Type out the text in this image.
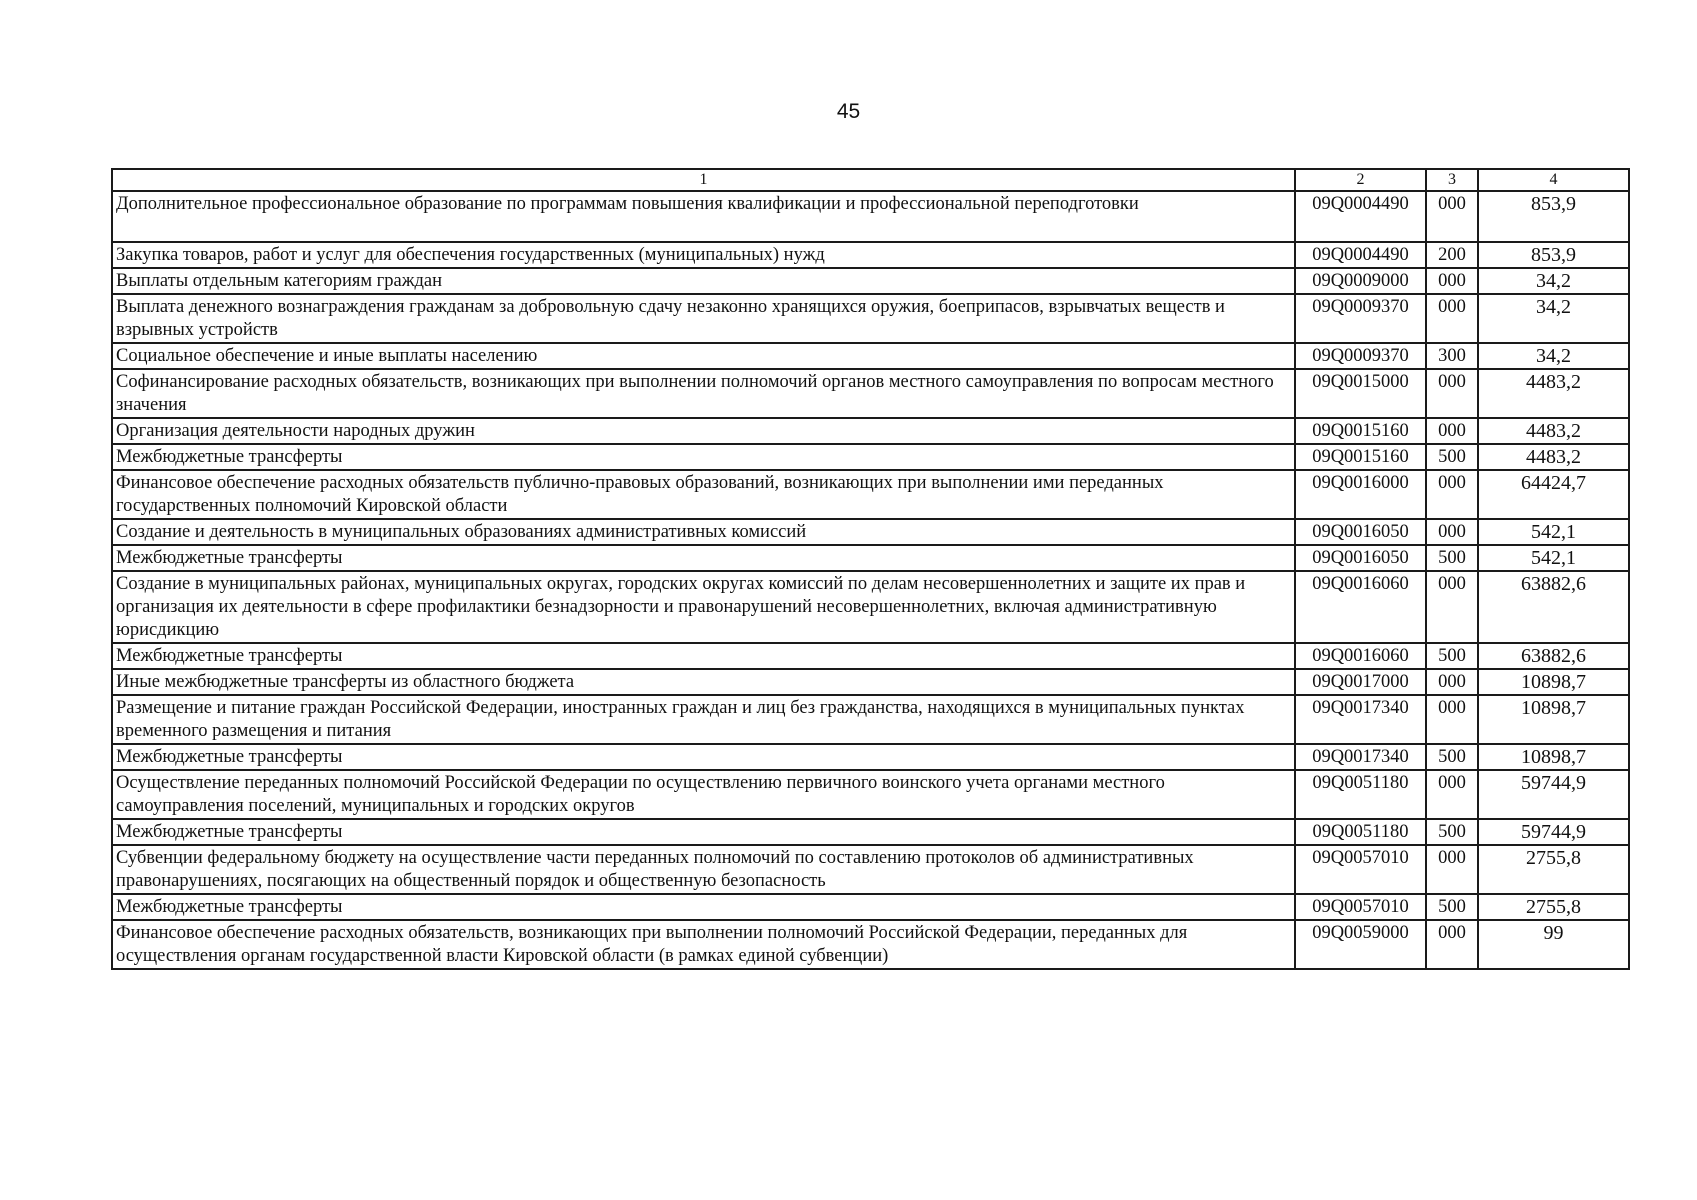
45
1	2	3	4
Дополнительное профессиональное образование по программам повышения квалификации и профессиональной переподготовки	09Q0004490	000	853,9
Закупка товаров, работ и услуг для обеспечения государственных (муниципальных) нужд	09Q0004490	200	853,9
Выплаты отдельным категориям граждан	09Q0009000	000	34,2
Выплата денежного вознаграждения гражданам за добровольную сдачу незаконно хранящихся оружия, боеприпасов, взрывчатых веществ и взрывных устройств	09Q0009370	000	34,2
Социальное обеспечение и иные выплаты населению	09Q0009370	300	34,2
Софинансирование расходных обязательств, возникающих при выполнении полномочий органов местного самоуправления по вопросам местного значения	09Q0015000	000	4483,2
Организация деятельности народных дружин	09Q0015160	000	4483,2
Межбюджетные трансферты	09Q0015160	500	4483,2
Финансовое обеспечение расходных обязательств публично-правовых образований, возникающих при выполнении ими переданных государственных полномочий Кировской области	09Q0016000	000	64424,7
Создание и деятельность в муниципальных образованиях административных комиссий	09Q0016050	000	542,1
Межбюджетные трансферты	09Q0016050	500	542,1
Создание в муниципальных районах, муниципальных округах, городских округах комиссий по делам несовершеннолетних и защите их прав и организация их деятельности в сфере профилактики безнадзорности и правонарушений несовершеннолетних, включая административную юрисдикцию	09Q0016060	000	63882,6
Межбюджетные трансферты	09Q0016060	500	63882,6
Иные межбюджетные трансферты из областного бюджета	09Q0017000	000	10898,7
Размещение и питание граждан Российской Федерации, иностранных граждан и лиц без гражданства, находящихся в муниципальных пунктах временного размещения и питания	09Q0017340	000	10898,7
Межбюджетные трансферты	09Q0017340	500	10898,7
Осуществление переданных полномочий Российской Федерации по осуществлению первичного воинского учета органами местного самоуправления поселений, муниципальных и городских округов	09Q0051180	000	59744,9
Межбюджетные трансферты	09Q0051180	500	59744,9
Субвенции федеральному бюджету на осуществление части переданных полномочий по составлению протоколов об административных правонарушениях, посягающих на общественный порядок и общественную безопасность	09Q0057010	000	2755,8
Межбюджетные трансферты	09Q0057010	500	2755,8
Финансовое обеспечение расходных обязательств, возникающих при выполнении полномочий Российской Федерации, переданных для осуществления органам государственной власти Кировской области (в рамках единой субвенции)	09Q0059000	000	99
